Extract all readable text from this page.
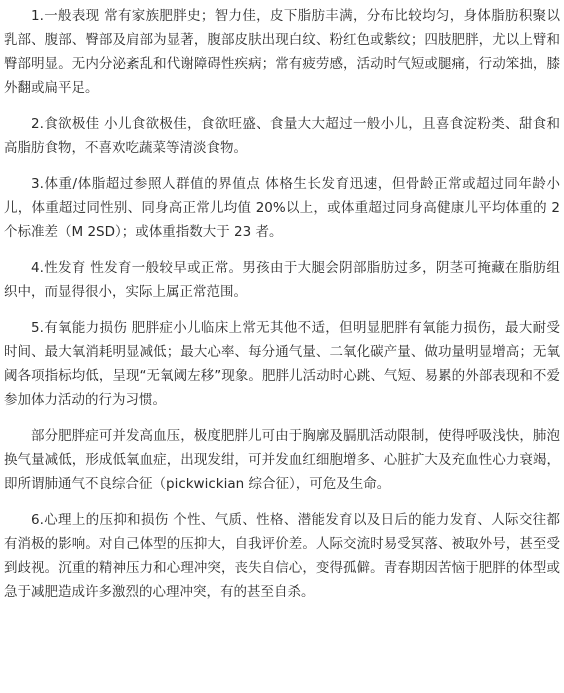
1.一般表现 常有家族肥胖史；智力佳，皮下脂肪丰满，分布比较均匀，身体脂肪积聚以乳部、腹部、臀部及肩部为显著，腹部皮肤出现白纹、粉红色或紫纹；四肢肥胖，尤以上臂和臀部明显。无内分泌紊乱和代谢障碍性疾病；常有疲劳感，活动时气短或腿痛，行动笨拙，膝外翻或扁平足。

2.食欲极佳 小儿食欲极佳，食欲旺盛、食量大大超过一般小儿，且喜食淀粉类、甜食和高脂肪食物，不喜欢吃蔬菜等清淡食物。

3.体重/体脂超过参照人群值的界值点 体格生长发育迅速，但骨龄正常或超过同年龄小儿，体重超过同性别、同身高正常儿均值 20%以上，或体重超过同身高健康儿平均体重的 2 个标准差（M 2SD）；或体重指数大于 23 者。

4.性发育 性发育一般较早或正常。男孩由于大腿会阴部脂肪过多，阴茎可掩藏在脂肪组织中，而显得很小，实际上属正常范围。

5.有氧能力损伤 肥胖症小儿临床上常无其他不适，但明显肥胖有氧能力损伤，最大耐受时间、最大氧消耗明显减低；最大心率、每分通气量、二氧化碳产量、做功量明显增高；无氧阈各项指标均低，呈现“无氧阈左移”现象。肥胖儿活动时心跳、气短、易累的外部表现和不爱参加体力活动的行为习惯。

部分肥胖症可并发高血压，极度肥胖儿可由于胸廓及膈肌活动限制，使得呼吸浅快，肺泡换气量减低，形成低氧血症，出现发绀，可并发血红细胞增多、心脏扩大及充血性心力衰竭，即所谓肺通气不良综合征（pickwickian 综合征），可危及生命。

6.心理上的压抑和损伤 个性、气质、性格、潜能发育以及日后的能力发育、人际交往都有消极的影响。对自己体型的压抑大，自我评价差。人际交流时易受冥落、被取外号，甚至受到歧视。沉重的精神压力和心理冲突，丧失自信心，变得孤僻。青春期因苦恼于肥胖的体型或急于减肥造成许多激烈的心理冲突，有的甚至自杀。
